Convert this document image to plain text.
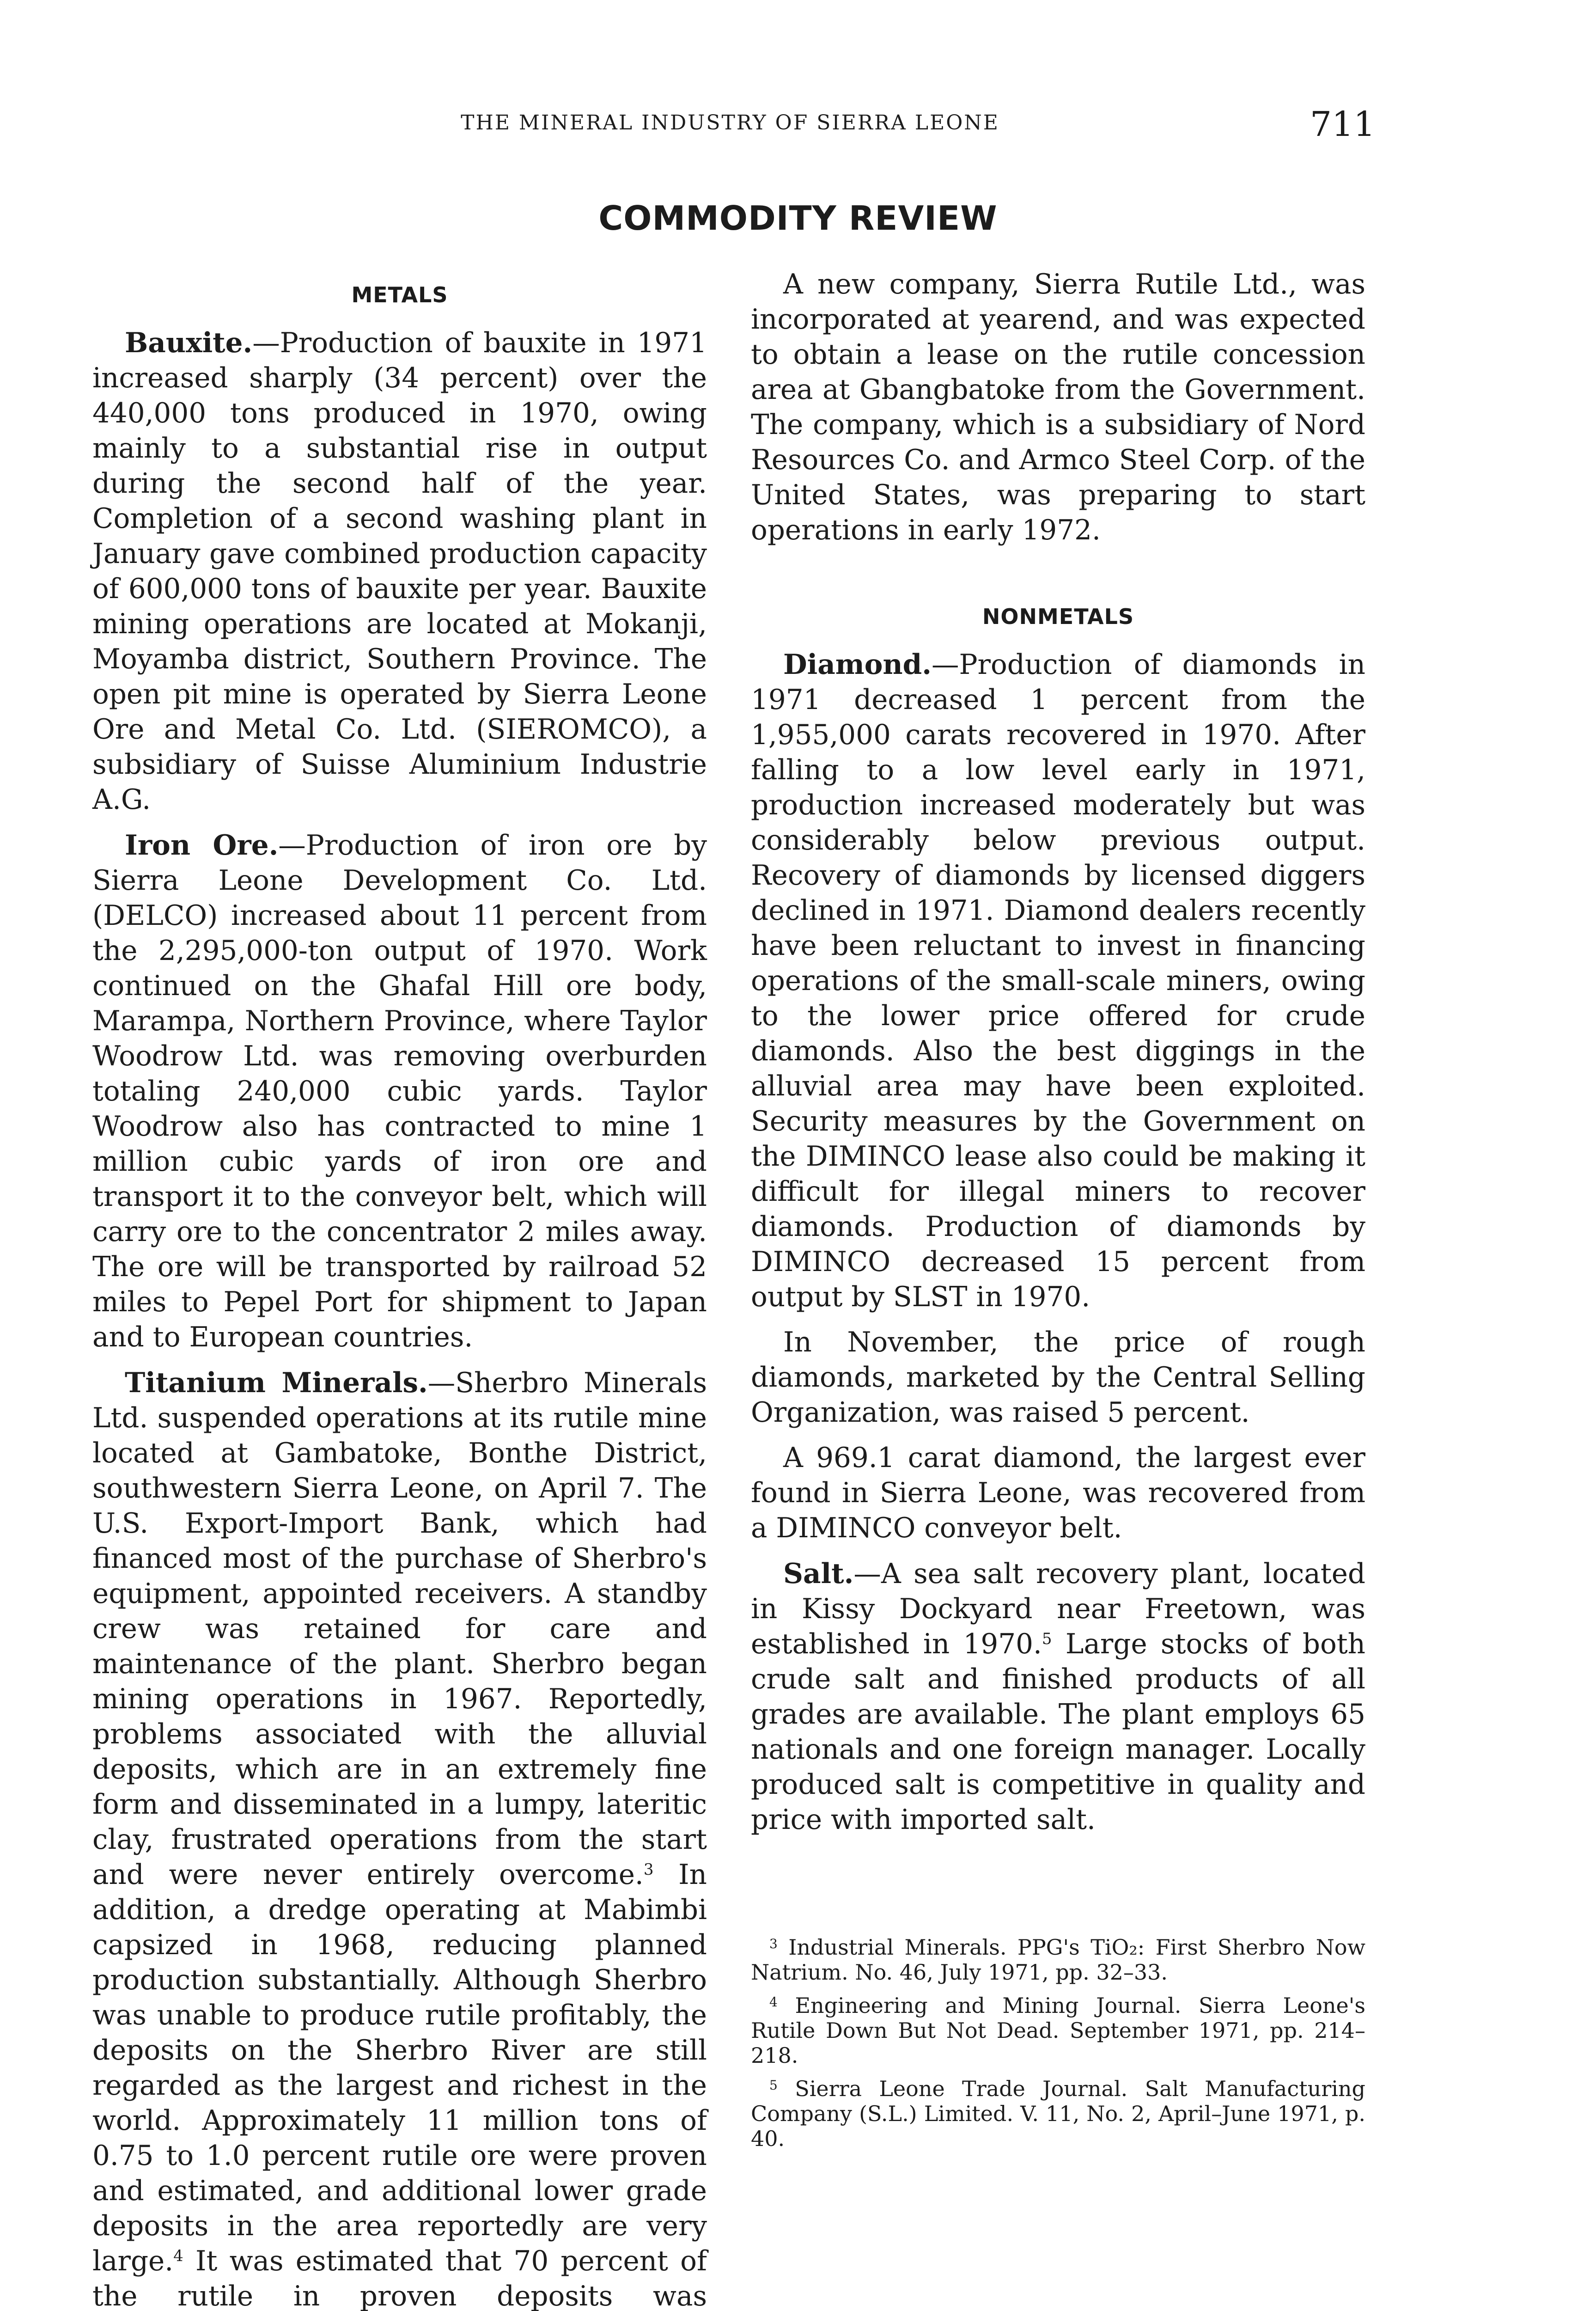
THE MINERAL INDUSTRY OF SIERRA LEONE	711
COMMODITY REVIEW
METALS

Bauxite.—Production of bauxite in 1971 increased sharply (34 percent) over the 440,000 tons produced in 1970, owing mainly to a substantial rise in output during the second half of the year. Completion of a second washing plant in January gave combined production capacity of 600,000 tons of bauxite per year. Bauxite mining operations are located at Mokanji, Moyamba district, Southern Province. The open pit mine is operated by Sierra Leone Ore and Metal Co. Ltd. (SIEROMCO), a subsidiary of Suisse Aluminium Industrie A.G.

Iron Ore.—Production of iron ore by Sierra Leone Development Co. Ltd. (DELCO) increased about 11 percent from the 2,295,000-ton output of 1970. Work continued on the Ghafal Hill ore body, Marampa, Northern Province, where Taylor Woodrow Ltd. was removing overburden totaling 240,000 cubic yards. Taylor Woodrow also has contracted to mine 1 million cubic yards of iron ore and transport it to the conveyor belt, which will carry ore to the concentrator 2 miles away. The ore will be transported by railroad 52 miles to Pepel Port for shipment to Japan and to European countries.

Titanium Minerals.—Sherbro Minerals Ltd. suspended operations at its rutile mine located at Gambatoke, Bonthe District, southwestern Sierra Leone, on April 7. The U.S. Export-Import Bank, which had financed most of the purchase of Sherbro's equipment, appointed receivers. A standby crew was retained for care and maintenance of the plant. Sherbro began mining operations in 1967. Reportedly, problems associated with the alluvial deposits, which are in an extremely fine form and disseminated in a lumpy, lateritic clay, frustrated operations from the start and were never entirely overcome.$^3$ In addition, a dredge operating at Mabimbi capsized in 1968, reducing planned production substantially. Although Sherbro was unable to produce rutile profitably, the deposits on the Sherbro River are still regarded as the largest and richest in the world. Approximately 11 million tons of 0.75 to 1.0 percent rutile ore were proven and estimated, and additional lower grade deposits in the area reportedly are very large.$^4$ It was estimated that 70 percent of the rutile in proven deposits was

A new company, Sierra Rutile Ltd., was incorporated at yearend, and was expected to obtain a lease on the rutile concession area at Gbangbatoke from the Government. The company, which is a subsidiary of Nord Resources Co. and Armco Steel Corp. of the United States, was preparing to start operations in early 1972.

NONMETALS

Diamond.—Production of diamonds in 1971 decreased 1 percent from the 1,955,000 carats recovered in 1970. After falling to a low level early in 1971, production increased moderately but was considerably below previous output. Recovery of diamonds by licensed diggers declined in 1971. Diamond dealers recently have been reluctant to invest in financing operations of the small-scale miners, owing to the lower price offered for crude diamonds. Also the best diggings in the alluvial area may have been exploited. Security measures by the Government on the DIMINCO lease also could be making it difficult for illegal miners to recover diamonds. Production of diamonds by DIMINCO decreased 15 percent from output by SLST in 1970.

In November, the price of rough diamonds, marketed by the Central Selling Organization, was raised 5 percent.

A 969.1 carat diamond, the largest ever found in Sierra Leone, was recovered from a DIMINCO conveyor belt.

Salt.—A sea salt recovery plant, located in Kissy Dockyard near Freetown, was established in 1970.$^5$ Large stocks of both crude salt and finished products of all grades are available. The plant employs 65 nationals and one foreign manager. Locally produced salt is competitive in quality and price with imported salt.

$^3$ Industrial Minerals. PPG's TiO₂: First Sherbro Now Natrium. No. 46, July 1971, pp. 32–33.

$^4$ Engineering and Mining Journal. Sierra Leone's Rutile Down But Not Dead. September 1971, pp. 214–218.

$^5$ Sierra Leone Trade Journal. Salt Manufacturing Company (S.L.) Limited. V. 11, No. 2, April–June 1971, p. 40.
